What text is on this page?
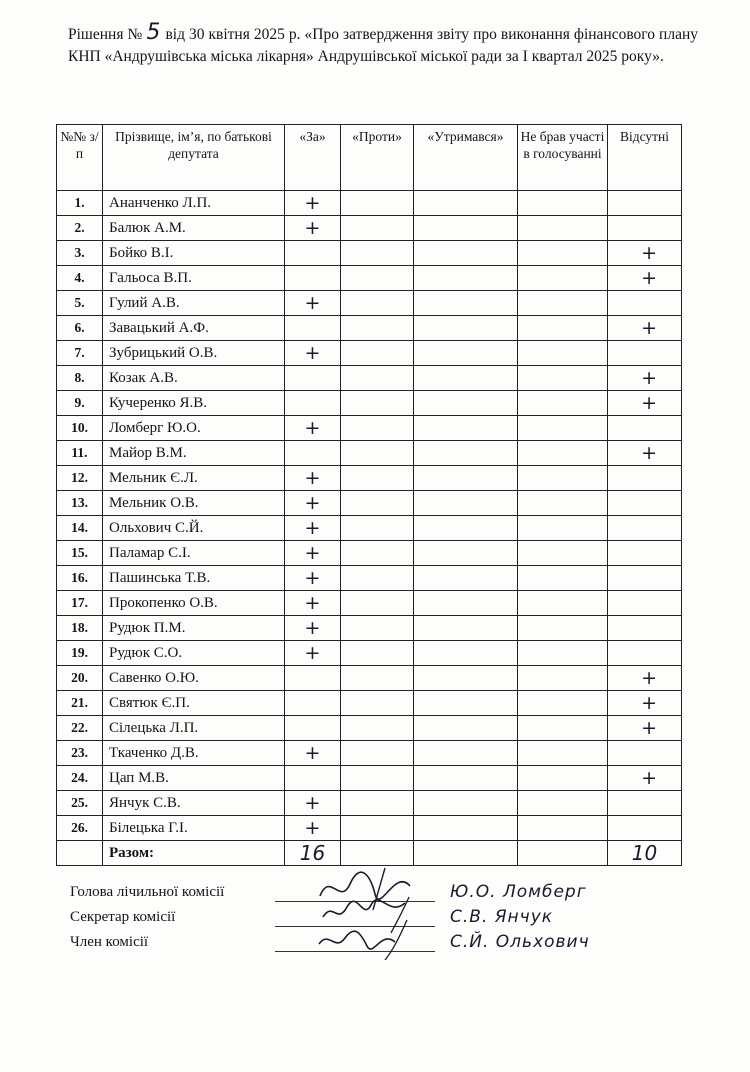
Рішення № 5 від 30 квітня 2025 р. «Про затвердження звіту про виконання фінансового плану КНП «Андрушівська міська лікарня» Андрушівської міської ради за I квартал 2025 року».
№№ з/п	Прізвище, ім’я, по батькові депутата	«За»	«Проти»	«Утримався»	Не брав участі в голосуванні	Відсутні
1.	Ананченко Л.П.	+				
2.	Балюк А.М.	+				
3.	Бойко В.І.					+
4.	Гальоса В.П.					+
5.	Гулий А.В.	+				
6.	Завацький А.Ф.					+
7.	Зубрицький О.В.	+				
8.	Козак А.В.					+
9.	Кучеренко Я.В.					+
10.	Ломберг Ю.О.	+				
11.	Майор В.М.					+
12.	Мельник Є.Л.	+				
13.	Мельник О.В.	+				
14.	Ольхович С.Й.	+				
15.	Паламар С.І.	+				
16.	Пашинська Т.В.	+				
17.	Прокопенко О.В.	+				
18.	Рудюк П.М.	+				
19.	Рудюк С.О.	+				
20.	Савенко О.Ю.					+
21.	Святюк Є.П.					+
22.	Сілецька Л.П.					+
23.	Ткаченко Д.В.	+				
24.	Цап М.В.					+
25.	Янчук С.В.	+				
26.	Білецька Г.І.	+				
	Разом:	16				10
Голова лічильної комісії	Ю.О. Ломберг
Секретар комісії	С.В. Янчук
Член комісії	С.Й. Ольхович
